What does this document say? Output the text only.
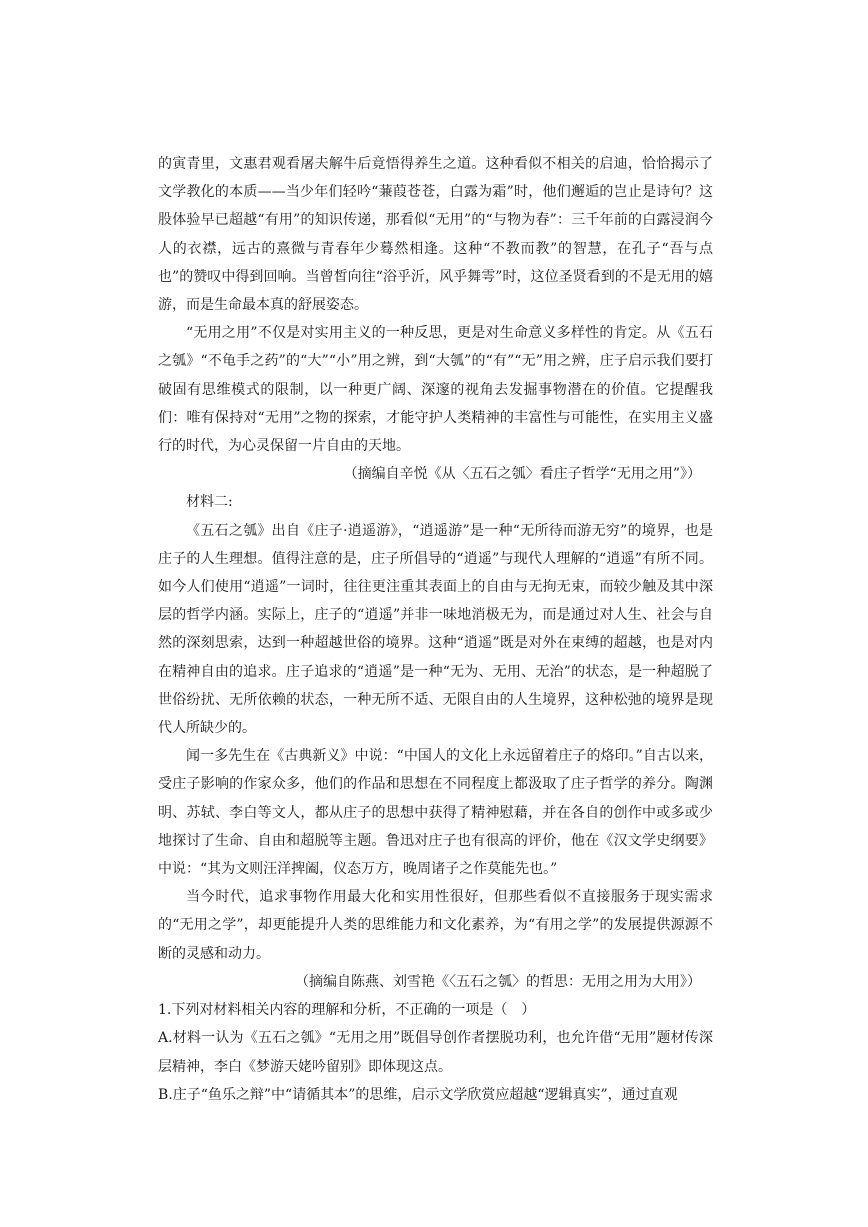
的寅青里，文惠君观看屠夫解牛后竟悟得养生之道。这种看似不相关的启迪，恰恰揭示了文学教化的本质——当少年们轻吟“蒹葭苍苍，白露为霜”时，他们邂逅的岂止是诗句？这股体验早已超越“有用”的知识传递，那看似“无用”的“与物为春”：三千年前的白露浸润今人的衣襟，远古的熹微与青春年少蓦然相逢。这种“不教而教”的智慧，在孔子“吾与点也”的赞叹中得到回响。当曾皙向往“浴乎沂，风乎舞雩”时，这位圣贤看到的不是无用的嬉游，而是生命最本真的舒展姿态。

“无用之用”不仅是对实用主义的一种反思，更是对生命意义多样性的肯定。从《五石之瓠》“不龟手之药”的“大”“小”用之辨，到“大瓠”的“有”“无”用之辨，庄子启示我们要打破固有思维模式的限制，以一种更广阔、深邃的视角去发掘事物潜在的价值。它提醒我们：唯有保持对“无用”之物的探索，才能守护人类精神的丰富性与可能性，在实用主义盛行的时代，为心灵保留一片自由的天地。

（摘编自辛悦《从〈五石之瓠〉看庄子哲学“无用之用”》）

材料二:

《五石之瓠》出自《庄子·逍遥游》，“逍遥游”是一种“无所待而游无穷”的境界，也是庄子的人生理想。值得注意的是，庄子所倡导的“逍遥”与现代人理解的“逍遥”有所不同。如今人们使用“逍遥”一词时，往往更注重其表面上的自由与无拘无束，而较少触及其中深层的哲学内涵。实际上，庄子的“逍遥”并非一味地消极无为，而是通过对人生、社会与自然的深刻思索，达到一种超越世俗的境界。这种“逍遥”既是对外在束缚的超越，也是对内在精神自由的追求。庄子追求的“逍遥”是一种“无为、无用、无治”的状态，是一种超脱了世俗纷扰、无所依赖的状态，一种无所不适、无限自由的人生境界，这种松弛的境界是现代人所缺少的。

闻一多先生在《古典新义》中说：“中国人的文化上永远留着庄子的烙印。”自古以来，受庄子影响的作家众多，他们的作品和思想在不同程度上都汲取了庄子哲学的养分。陶渊明、苏轼、李白等文人，都从庄子的思想中获得了精神慰藉，并在各自的创作中或多或少地探讨了生命、自由和超脱等主题。鲁迅对庄子也有很高的评价，他在《汉文学史纲要》中说：“其为文则汪洋捭阖，仪态万方，晚周诸子之作莫能先也。”

当今时代，追求事物作用最大化和实用性很好，但那些看似不直接服务于现实需求的“无用之学”，却更能提升人类的思维能力和文化素养，为“有用之学”的发展提供源源不断的灵感和动力。

（摘编自陈燕、刘雪艳《〈五石之瓠〉的哲思：无用之用为大用》）

1.下列对材料相关内容的理解和分析，不正确的一项是（　）

A.材料一认为《五石之瓠》“无用之用”既倡导创作者摆脱功利，也允许借“无用”题材传深层精神，李白《梦游天姥吟留别》即体现这点。

B.庄子“鱼乐之辩”中“请循其本”的思维，启示文学欣赏应超越“逻辑真实”，通过直观
